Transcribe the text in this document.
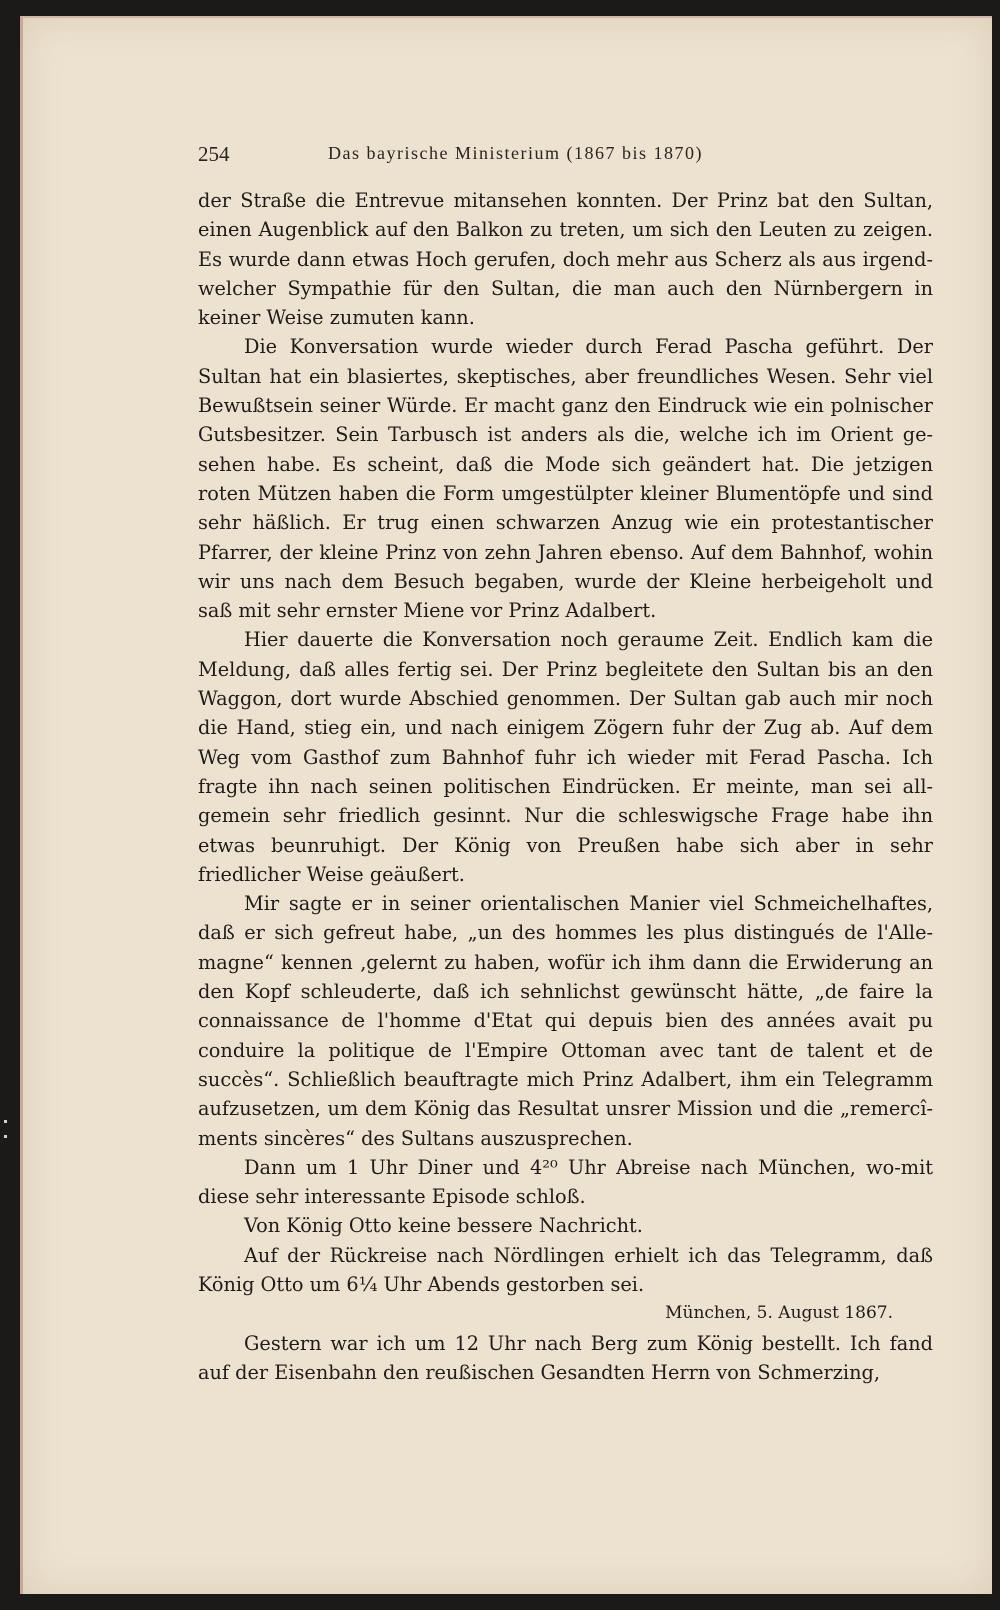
254	Das bayrische Ministerium (1867 bis 1870)

der Straße die Entrevue mitansehen konnten. Der Prinz bat den Sultan, einen Augenblick auf den Balkon zu treten, um sich den Leuten zu zeigen. Es wurde dann etwas Hoch gerufen, doch mehr aus Scherz als aus irgend-welcher Sympathie für den Sultan, die man auch den Nürnbergern in keiner Weise zumuten kann.

Die Konversation wurde wieder durch Ferad Pascha geführt. Der Sultan hat ein blasiertes, skeptisches, aber freundliches Wesen. Sehr viel Bewußtsein seiner Würde. Er macht ganz den Eindruck wie ein polnischer Gutsbesitzer. Sein Tarbusch ist anders als die, welche ich im Orient ge-sehen habe. Es scheint, daß die Mode sich geändert hat. Die jetzigen roten Mützen haben die Form umgestülpter kleiner Blumentöpfe und sind sehr häßlich. Er trug einen schwarzen Anzug wie ein protestantischer Pfarrer, der kleine Prinz von zehn Jahren ebenso. Auf dem Bahnhof, wohin wir uns nach dem Besuch begaben, wurde der Kleine herbeigeholt und saß mit sehr ernster Miene vor Prinz Adalbert.

Hier dauerte die Konversation noch geraume Zeit. Endlich kam die Meldung, daß alles fertig sei. Der Prinz begleitete den Sultan bis an den Waggon, dort wurde Abschied genommen. Der Sultan gab auch mir noch die Hand, stieg ein, und nach einigem Zögern fuhr der Zug ab. Auf dem Weg vom Gasthof zum Bahnhof fuhr ich wieder mit Ferad Pascha. Ich fragte ihn nach seinen politischen Eindrücken. Er meinte, man sei all-gemein sehr friedlich gesinnt. Nur die schleswigsche Frage habe ihn etwas beunruhigt. Der König von Preußen habe sich aber in sehr friedlicher Weise geäußert.

Mir sagte er in seiner orientalischen Manier viel Schmeichelhaftes, daß er sich gefreut habe, „un des hommes les plus distingués de l'Alle-magne“ kennen ‚gelernt zu haben, wofür ich ihm dann die Erwiderung an den Kopf schleuderte, daß ich sehnlichst gewünscht hätte, „de faire la connaissance de l'homme d'Etat qui depuis bien des années avait pu conduire la politique de l'Empire Ottoman avec tant de talent et de succès“. Schließlich beauftragte mich Prinz Adalbert, ihm ein Telegramm aufzusetzen, um dem König das Resultat unsrer Mission und die „remercî-ments sincères“ des Sultans auszusprechen.

Dann um 1 Uhr Diner und 4²⁰ Uhr Abreise nach München, wo-mit diese sehr interessante Episode schloß.

Von König Otto keine bessere Nachricht.

Auf der Rückreise nach Nördlingen erhielt ich das Telegramm, daß König Otto um 6¼ Uhr Abends gestorben sei.

München, 5. August 1867.

Gestern war ich um 12 Uhr nach Berg zum König bestellt. Ich fand auf der Eisenbahn den reußischen Gesandten Herrn von Schmerzing,
